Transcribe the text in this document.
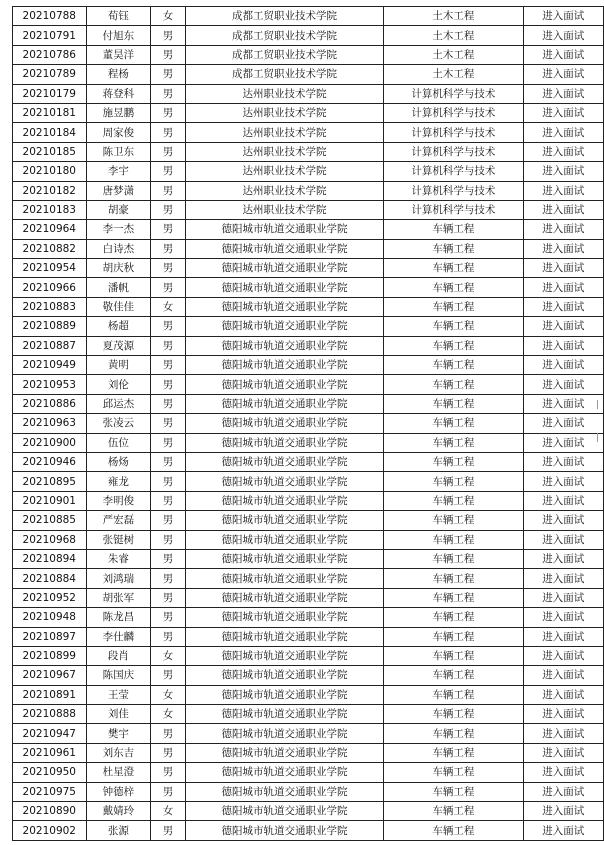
20210788	荀钰	女	成都工贸职业技术学院	土木工程	进入面试
20210791	付旭东	男	成都工贸职业技术学院	土木工程	进入面试
20210786	董昊洋	男	成都工贸职业技术学院	土木工程	进入面试
20210789	程杨	男	成都工贸职业技术学院	土木工程	进入面试
20210179	蒋登科	男	达州职业技术学院	计算机科学与技术	进入面试
20210181	施昱鹏	男	达州职业技术学院	计算机科学与技术	进入面试
20210184	周家俊	男	达州职业技术学院	计算机科学与技术	进入面试
20210185	陈卫东	男	达州职业技术学院	计算机科学与技术	进入面试
20210180	李宇	男	达州职业技术学院	计算机科学与技术	进入面试
20210182	唐梦潇	男	达州职业技术学院	计算机科学与技术	进入面试
20210183	胡豪	男	达州职业技术学院	计算机科学与技术	进入面试
20210964	李一杰	男	德阳城市轨道交通职业学院	车辆工程	进入面试
20210882	白诗杰	男	德阳城市轨道交通职业学院	车辆工程	进入面试
20210954	胡庆秋	男	德阳城市轨道交通职业学院	车辆工程	进入面试
20210966	潘帆	男	德阳城市轨道交通职业学院	车辆工程	进入面试
20210883	敬佳佳	女	德阳城市轨道交通职业学院	车辆工程	进入面试
20210889	杨超	男	德阳城市轨道交通职业学院	车辆工程	进入面试
20210887	夏茂源	男	德阳城市轨道交通职业学院	车辆工程	进入面试
20210949	黄明	男	德阳城市轨道交通职业学院	车辆工程	进入面试
20210953	刘伦	男	德阳城市轨道交通职业学院	车辆工程	进入面试
20210886	邱运杰	男	德阳城市轨道交通职业学院	车辆工程	进入面试
20210963	张凌云	男	德阳城市轨道交通职业学院	车辆工程	进入面试
20210900	伍位	男	德阳城市轨道交通职业学院	车辆工程	进入面试
20210946	杨炀	男	德阳城市轨道交通职业学院	车辆工程	进入面试
20210895	雍龙	男	德阳城市轨道交通职业学院	车辆工程	进入面试
20210901	李明俊	男	德阳城市轨道交通职业学院	车辆工程	进入面试
20210885	严宏磊	男	德阳城市轨道交通职业学院	车辆工程	进入面试
20210968	张铤树	男	德阳城市轨道交通职业学院	车辆工程	进入面试
20210894	朱睿	男	德阳城市轨道交通职业学院	车辆工程	进入面试
20210884	刘鸿瑞	男	德阳城市轨道交通职业学院	车辆工程	进入面试
20210952	胡张军	男	德阳城市轨道交通职业学院	车辆工程	进入面试
20210948	陈龙昌	男	德阳城市轨道交通职业学院	车辆工程	进入面试
20210897	李仕麟	男	德阳城市轨道交通职业学院	车辆工程	进入面试
20210899	段肖	女	德阳城市轨道交通职业学院	车辆工程	进入面试
20210967	陈国庆	男	德阳城市轨道交通职业学院	车辆工程	进入面试
20210891	王莹	女	德阳城市轨道交通职业学院	车辆工程	进入面试
20210888	刘佳	女	德阳城市轨道交通职业学院	车辆工程	进入面试
20210947	樊宇	男	德阳城市轨道交通职业学院	车辆工程	进入面试
20210961	刘东吉	男	德阳城市轨道交通职业学院	车辆工程	进入面试
20210950	杜星澄	男	德阳城市轨道交通职业学院	车辆工程	进入面试
20210975	钟德梓	男	德阳城市轨道交通职业学院	车辆工程	进入面试
20210890	戴婧玲	女	德阳城市轨道交通职业学院	车辆工程	进入面试
20210902	张源	男	德阳城市轨道交通职业学院	车辆工程	进入面试
